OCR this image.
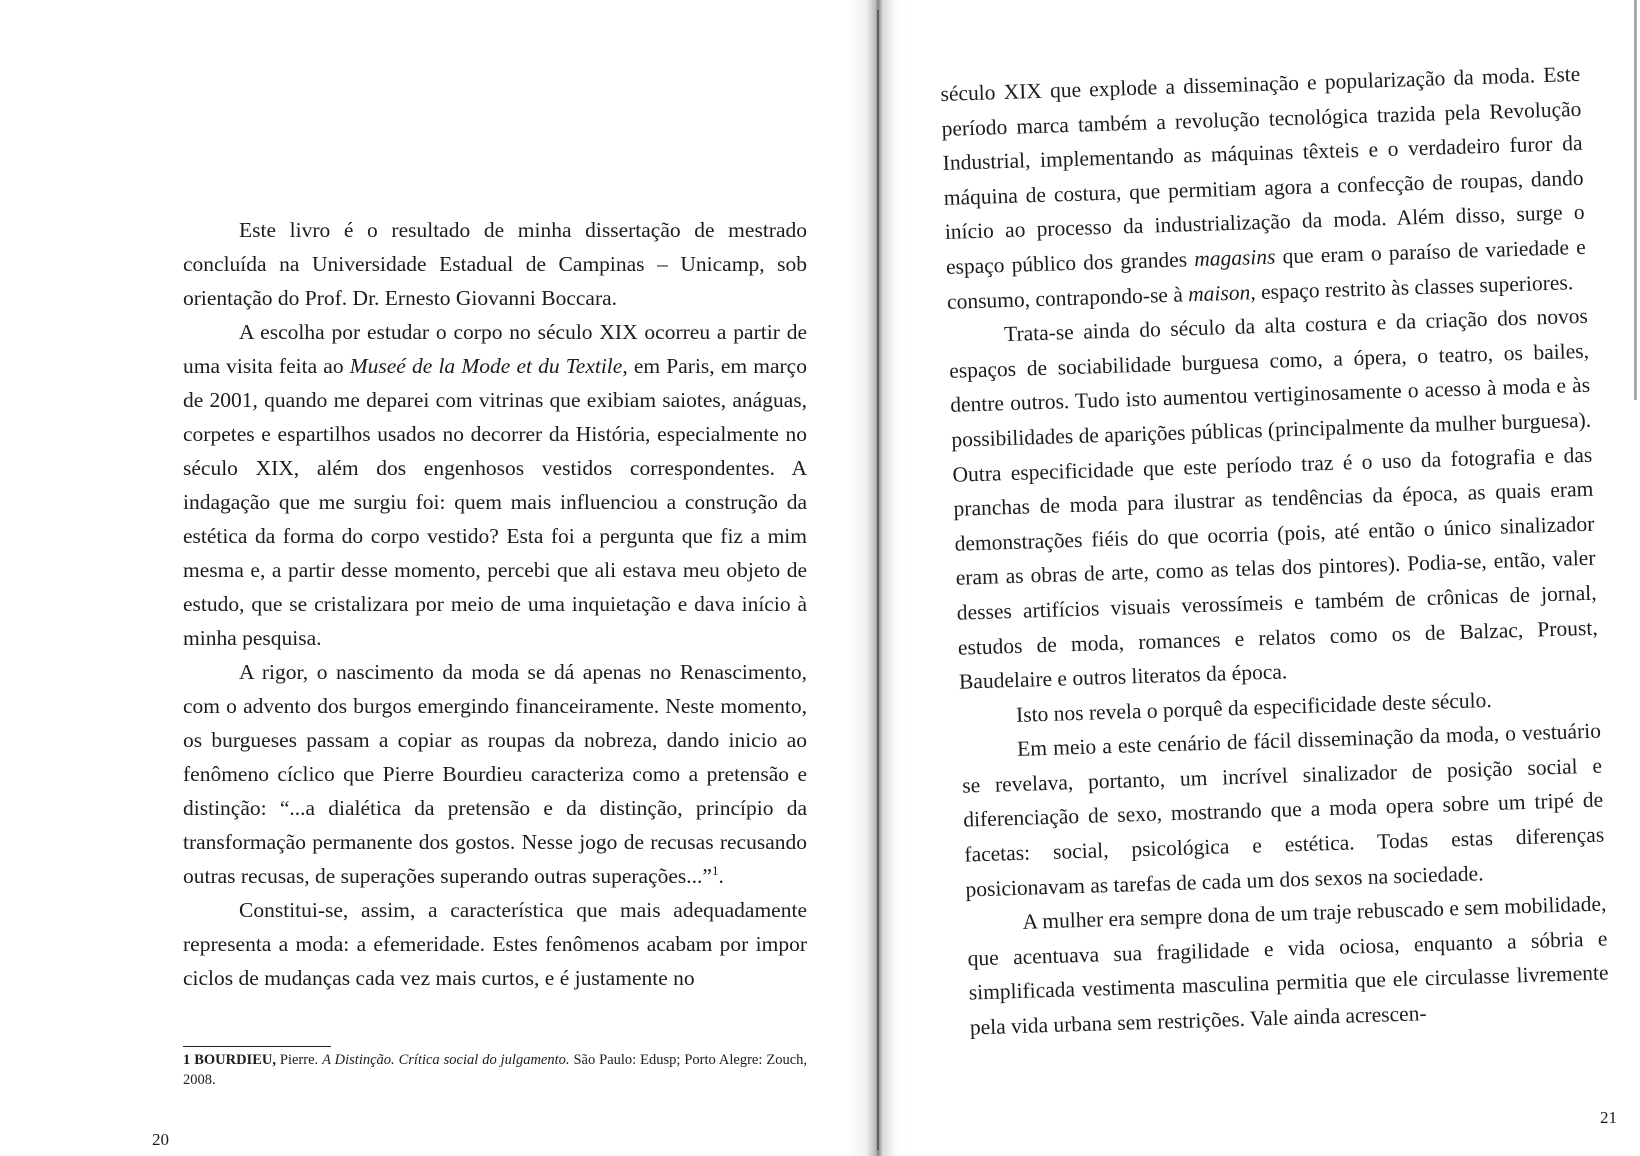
Este livro é o resultado de minha dissertação de mestrado concluída na Universidade Estadual de Campinas – Unicamp, sob orientação do Prof. Dr. Ernesto Giovanni Boccara.

A escolha por estudar o corpo no século XIX ocorreu a partir de uma visita feita ao Museé de la Mode et du Textile, em Paris, em março de 2001, quando me deparei com vitrinas que exibiam saiotes, anáguas, corpetes e espartilhos usados no decorrer da História, especialmente no século XIX, além dos engenhosos vestidos correspondentes. A indagação que me surgiu foi: quem mais influenciou a construção da estética da forma do corpo vestido? Esta foi a pergunta que fiz a mim mesma e, a partir desse momento, percebi que ali estava meu objeto de estudo, que se cristalizara por meio de uma inquietação e dava início à minha pesquisa.

A rigor, o nascimento da moda se dá apenas no Renascimento, com o advento dos burgos emergindo financeiramente. Neste momento, os burgueses passam a copiar as roupas da nobreza, dando inicio ao fenômeno cíclico que Pierre Bourdieu caracteriza como a pretensão e distinção: “...a dialética da pretensão e da distinção, princípio da transformação permanente dos gostos. Nesse jogo de recusas recusando outras recusas, de superações superando outras superações...”$^1$.

Constitui-se, assim, a característica que mais adequadamente representa a moda: a efemeridade. Estes fenômenos acabam por impor ciclos de mudanças cada vez mais curtos, e é justamente no

1 BOURDIEU, Pierre. A Distinção. Crítica social do julgamento. São Paulo: Edusp; Porto Alegre: Zouch, 2008.
20

século XIX que explode a disseminação e popularização da moda. Este período marca também a revolução tecnológica trazida pela Revolução Industrial, implementando as máquinas têxteis e o verdadeiro furor da máquina de costura, que permitiam agora a confecção de roupas, dando início ao processo da industrialização da moda. Além disso, surge o espaço público dos grandes magasins que eram o paraíso de variedade e consumo, contrapondo-se à maison, espaço restrito às classes superiores.

Trata-se ainda do século da alta costura e da criação dos novos espaços de sociabilidade burguesa como, a ópera, o teatro, os bailes, dentre outros. Tudo isto aumentou vertiginosamente o acesso à moda e às possibilidades de aparições públicas (principalmente da mulher burguesa). Outra especificidade que este período traz é o uso da fotografia e das pranchas de moda para ilustrar as tendências da época, as quais eram demonstrações fiéis do que ocorria (pois, até então o único sinalizador eram as obras de arte, como as telas dos pintores). Podia-se, então, valer desses artifícios visuais verossímeis e também de crônicas de jornal, estudos de moda, romances e relatos como os de Balzac, Proust, Baudelaire e outros literatos da época.

Isto nos revela o porquê da especificidade deste século.

Em meio a este cenário de fácil disseminação da moda, o vestuário se revelava, portanto, um incrível sinalizador de posição social e diferenciação de sexo, mostrando que a moda opera sobre um tripé de facetas: social, psicológica e estética. Todas estas diferenças posicionavam as tarefas de cada um dos sexos na sociedade.

A mulher era sempre dona de um traje rebuscado e sem mobilidade, que acentuava sua fragilidade e vida ociosa, enquanto a sóbria e simplificada vestimenta masculina permitia que ele circulasse livremente pela vida urbana sem restrições. Vale ainda acrescen-

21
